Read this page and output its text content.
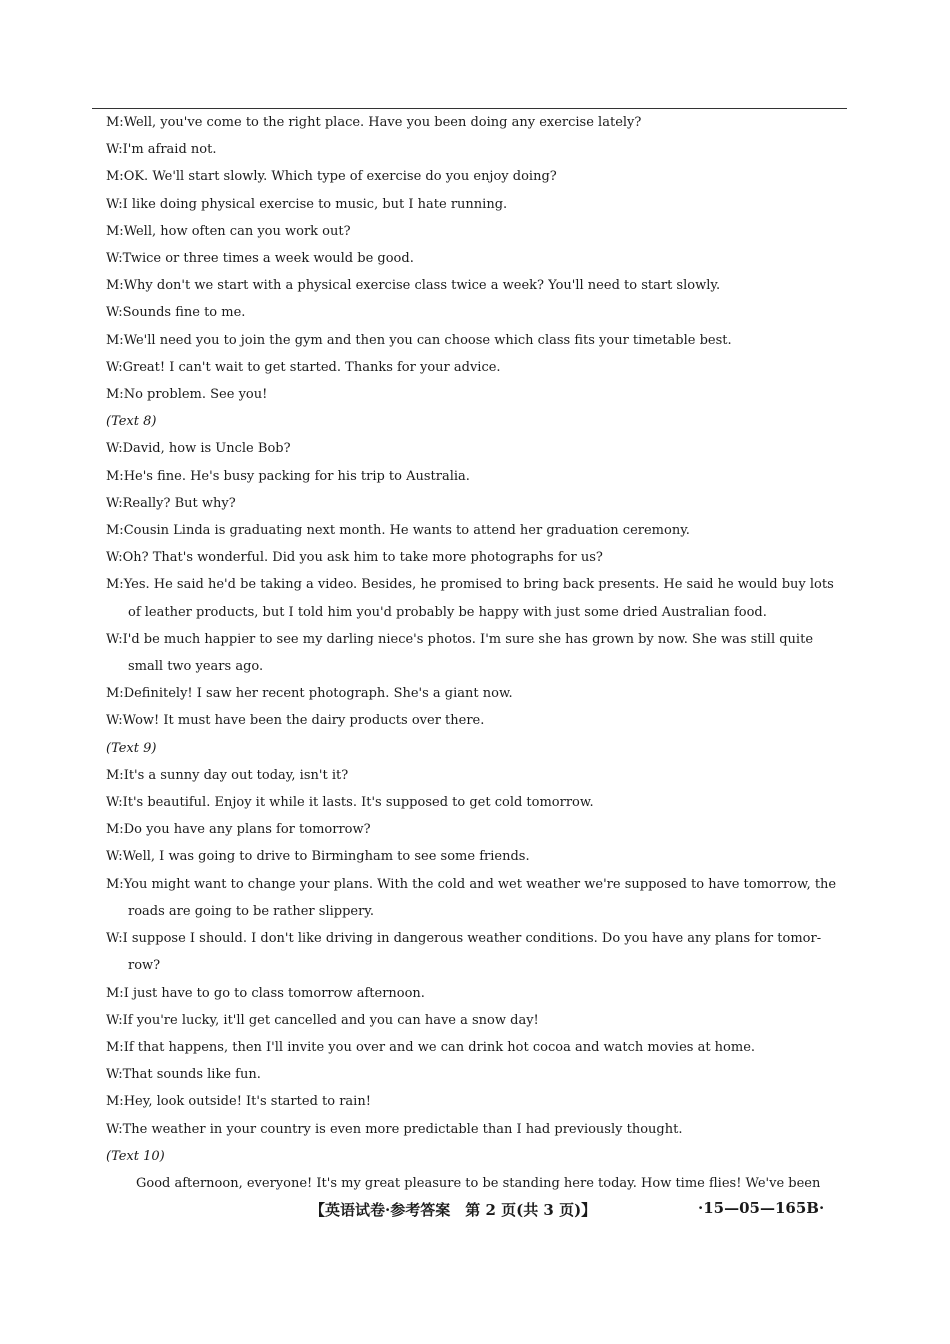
M:Well, you've come to the right place. Have you been doing any exercise lately?
W:I'm afraid not.
M:OK. We'll start slowly. Which type of exercise do you enjoy doing?
W:I like doing physical exercise to music, but I hate running.
M:Well, how often can you work out?
W:Twice or three times a week would be good.
M:Why don't we start with a physical exercise class twice a week? You'll need to start slowly.
W:Sounds fine to me.
M:We'll need you to join the gym and then you can choose which class fits your timetable best.
W:Great! I can't wait to get started. Thanks for your advice.
M:No problem. See you!
(Text 8)
W:David, how is Uncle Bob?
M:He's fine. He's busy packing for his trip to Australia.
W:Really? But why?
M:Cousin Linda is graduating next month. He wants to attend her graduation ceremony.
W:Oh? That's wonderful. Did you ask him to take more photographs for us?
M:Yes. He said he'd be taking a video. Besides, he promised to bring back presents. He said he would buy lots
of leather products, but I told him you'd probably be happy with just some dried Australian food.
W:I'd be much happier to see my darling niece's photos. I'm sure she has grown by now. She was still quite
small two years ago.
M:Definitely! I saw her recent photograph. She's a giant now.
W:Wow! It must have been the dairy products over there.
(Text 9)
M:It's a sunny day out today, isn't it?
W:It's beautiful. Enjoy it while it lasts. It's supposed to get cold tomorrow.
M:Do you have any plans for tomorrow?
W:Well, I was going to drive to Birmingham to see some friends.
M:You might want to change your plans. With the cold and wet weather we're supposed to have tomorrow, the
roads are going to be rather slippery.
W:I suppose I should. I don't like driving in dangerous weather conditions. Do you have any plans for tomor-
row?
M:I just have to go to class tomorrow afternoon.
W:If you're lucky, it'll get cancelled and you can have a snow day!
M:If that happens, then I'll invite you over and we can drink hot cocoa and watch movies at home.
W:That sounds like fun.
M:Hey, look outside! It's started to rain!
W:The weather in your country is even more predictable than I had previously thought.
(Text 10)
Good afternoon, everyone! It's my great pleasure to be standing here today. How time flies! We've been
【英语试卷·参考答案　第 2 页(共 3 页)】	·15—05—165B·
